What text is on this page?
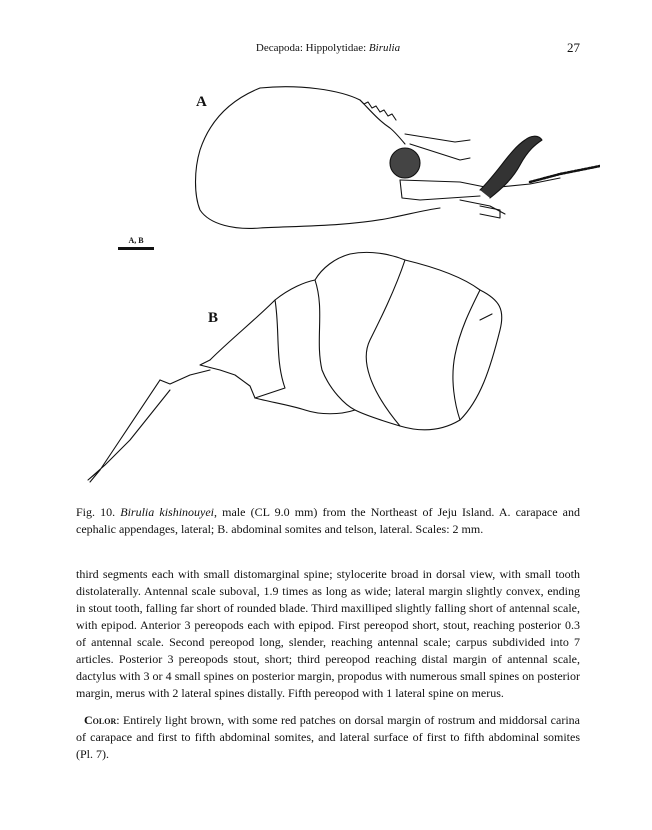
Decapoda: Hippolytidae: Birulia	27
A
B
A, B
Fig. 10. Birulia kishinouyei, male (CL 9.0 mm) from the Northeast of Jeju Island. A. carapace and cephalic appendages, lateral; B. abdominal somites and telson, lateral. Scales: 2 mm.
third segments each with small distomarginal spine; stylocerite broad in dorsal view, with small tooth distolaterally. Antennal scale suboval, 1.9 times as long as wide; lateral margin slightly convex, ending in stout tooth, falling far short of rounded blade. Third maxilliped slightly falling short of antennal scale, with epipod. Anterior 3 pereopods each with epipod. First pereopod short, stout, reaching posterior 0.3 of antennal scale. Second pereopod long, slender, reaching antennal scale; carpus subdivided into 7 articles. Posterior 3 pereopods stout, short; third pereopod reaching distal margin of antennal scale, dactylus with 3 or 4 small spines on posterior margin, propodus with numerous small spines on posterior margin, merus with 2 lateral spines distally. Fifth pereopod with 1 lateral spine on merus.
Color: Entirely light brown, with some red patches on dorsal margin of rostrum and middorsal carina of carapace and first to fifth abdominal somites, and lateral surface of first to fifth abdominal somites (Pl. 7).
